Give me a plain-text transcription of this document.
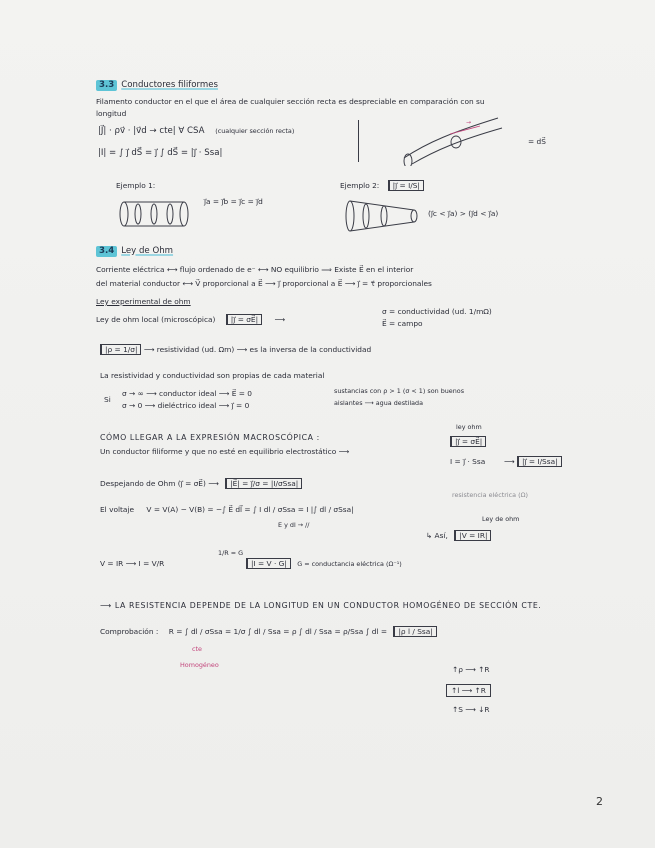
3.3 Conductores filiformes
Filamento conductor en el que el área de cualquier sección recta es despreciable en comparación con su
longitud
|J⃗| · ρv⃗ · |v⃗d → cte| ∀ CSA (cualquier sección recta)
|I| = ∫ j⃗ dS⃗ = j⃗ ∫ dS⃗ = |j⃗ · Ssa|
→
= dS⃗
Ejemplo 1:
j⃗a = j⃗b = j⃗c = j⃗d
Ejemplo 2: |j⃗ = I/S|
(j⃗c < j⃗a) > (j⃗d < j⃗a)
3.4 Ley de Ohm
Corriente eléctrica ⟷ flujo ordenado de e⁻ ⟷ NO equilibrio ⟹ Existe E⃗ en el interior
del material conductor ⟷ V⃗ proporcional a E⃗ ⟶ j⃗ proporcional a E⃗ ⟶ j⃗ = τ⃗ proporcionales
Ley experimental de ohm
Ley de ohm local (microscópica) |j⃗ = σE⃗| ⟶
σ = conductividad (ud. 1/mΩ)
E⃗ = campo
|ρ = 1/σ| ⟶ resistividad (ud. Ωm) ⟶ es la inversa de la conductividad
La resistividad y conductividad son propias de cada material
Si
σ → ∞ ⟶ conductor ideal ⟶ E⃗ = 0
σ → 0 ⟶ dieléctrico ideal ⟶ j⃗ = 0
sustancias con ρ > 1 (σ < 1) son buenos
aislantes ⟶ agua destilada
CÓMO LLEGAR A LA EXPRESIÓN MACROSCÓPICA :
ley ohm
Un conductor filiforme y que no esté en equilibrio electrostático ⟶
|j⃗ = σE⃗|
I = j⃗ · Ssa	⟶ |j⃗ = I/Ssa|
Despejando de Ohm (j⃗ = σE⃗) ⟶ |E⃗| = j⃗/σ = |I/σSsa|
resistencia eléctrica (Ω)
El voltaje V = V(A) − V(B) = −∫ E⃗ dl⃗ = ∫ I dl / σSsa = I |∫ dl / σSsa|
E y dl → //
Ley de ohm
↳ Así, |V = IR|
V = IR ⟶ I = V/R
1/R = G
|I = V · G| G = conductancia eléctrica (Ω⁻¹)
⟶ LA RESISTENCIA DEPENDE DE LA LONGITUD EN UN CONDUCTOR HOMOGÉNEO DE SECCIÓN CTE.
Comprobación : R = ∫ dl / σSsa = 1/σ ∫ dl / Ssa = ρ ∫ dl / Ssa = ρ/Ssa ∫ dl = |ρ l / Ssa|
cte
Homogéneo	↑ρ ⟶ ↑R
↑l ⟶ ↑R
↑S ⟶ ↓R
2
